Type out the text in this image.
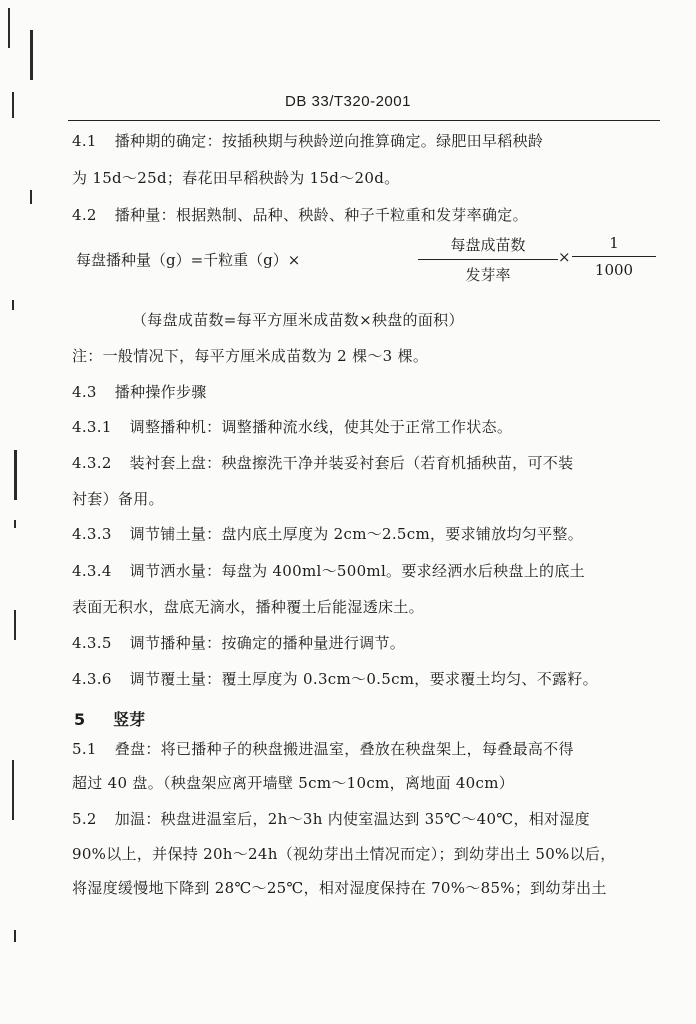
DB 33/T320-2001
4.1 播种期的确定：按插秧期与秧龄逆向推算确定。绿肥田早稻秧龄
为 15d～25d；春花田早稻秧龄为 15d～20d。
4.2 播种量：根据熟制、品种、秧龄、种子千粒重和发芽率确定。
每盘播种量（g）=千粒重（g）×
每盘成苗数
发芽率
×
1
1000
（每盘成苗数=每平方厘米成苗数×秧盘的面积）
注：一般情况下，每平方厘米成苗数为 2 棵～3 棵。
4.3 播种操作步骤
4.3.1 调整播种机：调整播种流水线，使其处于正常工作状态。
4.3.2 装衬套上盘：秧盘擦洗干净并装妥衬套后（若育机插秧苗，可不装
衬套）备用。
4.3.3 调节铺土量：盘内底土厚度为 2cm～2.5cm，要求铺放均匀平整。
4.3.4 调节洒水量：每盘为 400ml～500ml。要求经洒水后秧盘上的底土
表面无积水，盘底无滴水，播种覆土后能湿透床土。
4.3.5 调节播种量：按确定的播种量进行调节。
4.3.6 调节覆土量：覆土厚度为 0.3cm～0.5cm，要求覆土均匀、不露籽。
5 竖芽
5.1 叠盘：将已播种子的秧盘搬进温室，叠放在秧盘架上，每叠最高不得
超过 40 盘。（秧盘架应离开墙壁 5cm～10cm，离地面 40cm）
5.2 加温：秧盘进温室后，2h～3h 内使室温达到 35℃～40℃，相对湿度
90%以上，并保持 20h～24h（视幼芽出土情况而定）；到幼芽出土 50%以后，
将湿度缓慢地下降到 28℃～25℃，相对湿度保持在 70%～85%；到幼芽出土
